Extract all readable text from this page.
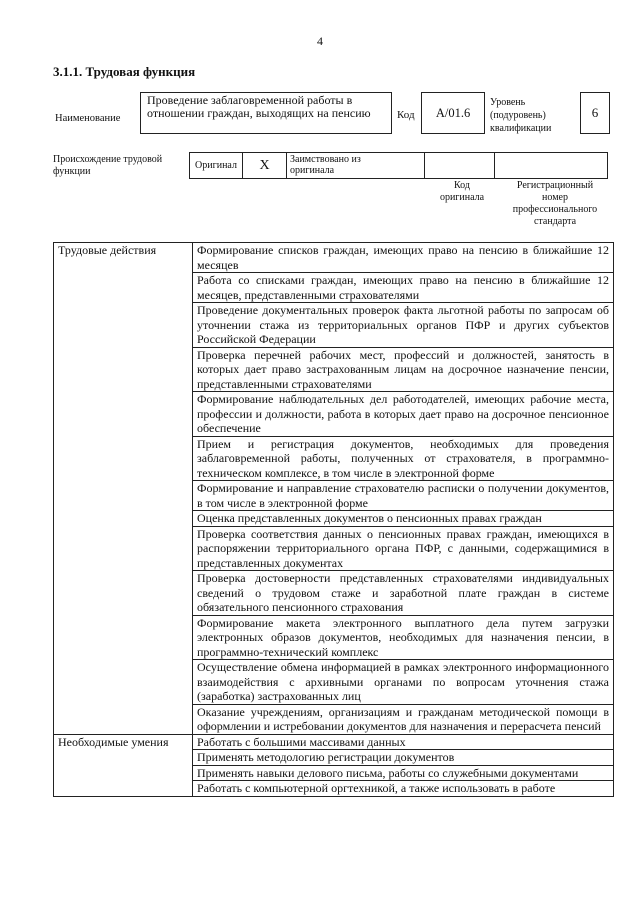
4
3.1.1. Трудовая функция
Наименование
Проведение заблаговременной работы в отношении граждан, выходящих на пенсию	Код	А/01.6
Уровень
(подуровень)
квалификации
6
Происхождение трудовой
функции
Оригинал	X	Заимствовано из
оригинала
Код
оригинала
Регистрационный
номер
профессионального
стандарта
Трудовые действия	Формирование списков граждан, имеющих право на пенсию в ближайшие 12 месяцев
	Работа со списками граждан, имеющих право на пенсию в ближайшие 12 месяцев, представленными страхователями
	Проведение документальных проверок факта льготной работы по запросам об уточнении стажа из территориальных органов ПФР и других субъектов Российской Федерации
	Проверка перечней рабочих мест, профессий и должностей, занятость в которых дает право застрахованным лицам на досрочное назначение пенсии, представленными страхователями
	Формирование наблюдательных дел работодателей, имеющих рабочие места, профессии и должности, работа в которых дает право на досрочное пенсионное обеспечение
	Прием и регистрация документов, необходимых для проведения заблаговременной работы, полученных от страхователя, в программно-техническом комплексе, в том числе в электронной форме
	Формирование и направление страхователю расписки о получении документов, в том числе в электронной форме
	Оценка представленных документов о пенсионных правах граждан
	Проверка соответствия данных о пенсионных правах граждан, имеющихся в распоряжении территориального органа ПФР, с данными, содержащимися в представленных документах
	Проверка достоверности представленных страхователями индивидуальных сведений о трудовом стаже и заработной плате граждан в системе обязательного пенсионного страхования
	Формирование макета электронного выплатного дела путем загрузки электронных образов документов, необходимых для назначения пенсии, в программно-технический комплекс
	Осуществление обмена информацией в рамках электронного информационного взаимодействия с архивными органами по вопросам уточнения стажа (заработка) застрахованных лиц
	Оказание учреждениям, организациям и гражданам методической помощи в оформлении и истребовании документов для назначения и перерасчета пенсий
Необходимые умения	Работать с большими массивами данных
	Применять методологию регистрации документов
	Применять навыки делового письма, работы со служебными документами
	Работать с компьютерной оргтехникой, а также использовать в работе
